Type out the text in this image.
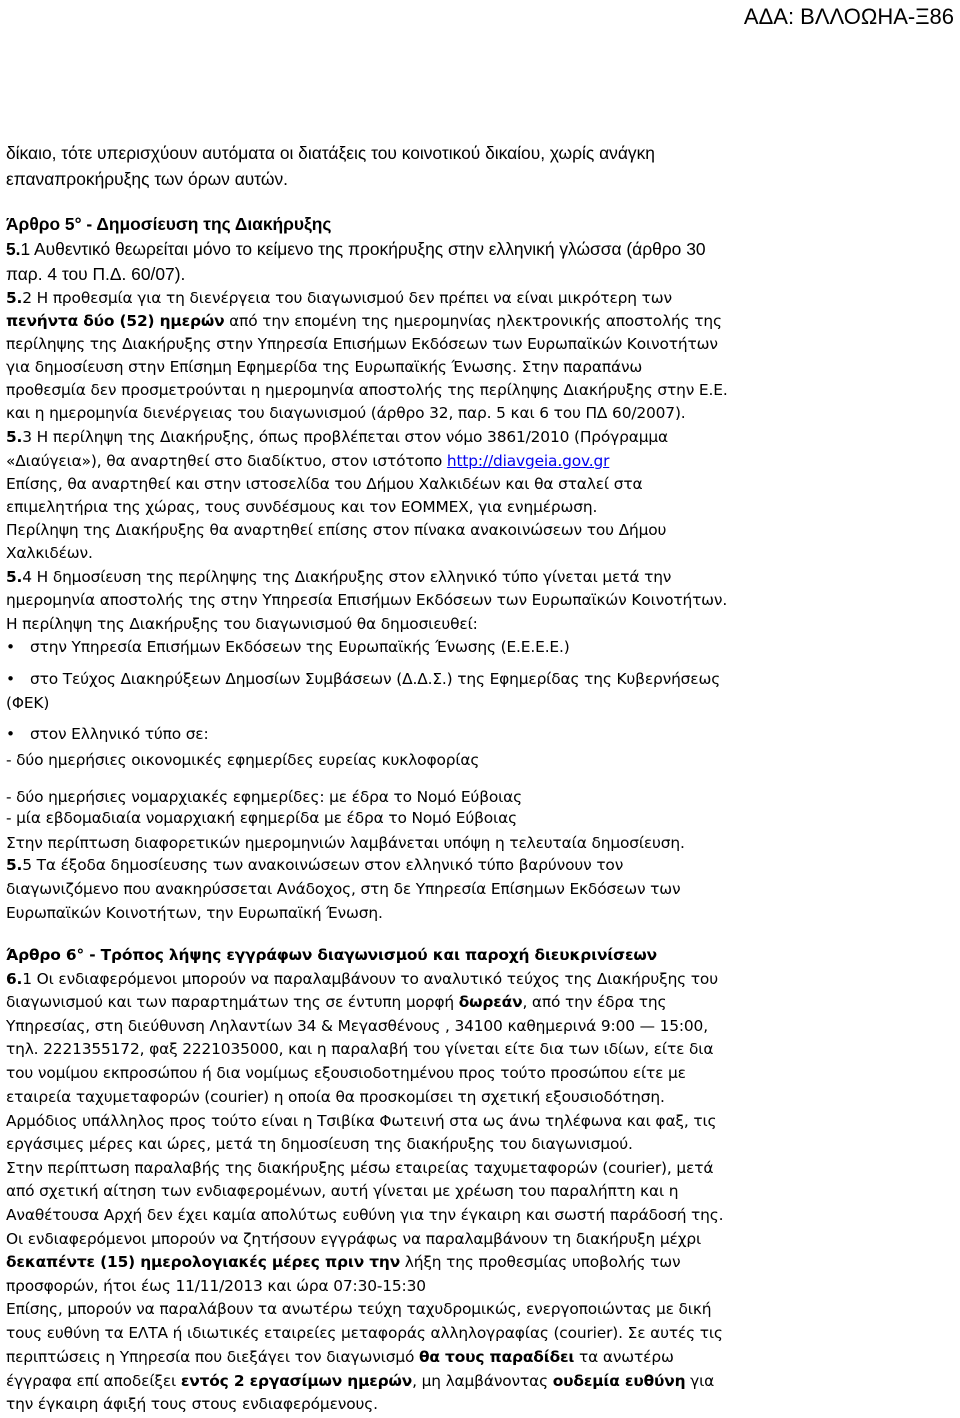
ΑΔΑ: ΒΛΛΟΩΗΑ-Ξ86
δίκαιο, τότε υπερισχύουν αυτόματα οι διατάξεις του κοινοτικού δικαίου, χωρίς ανάγκη
επαναπροκήρυξης των όρων αυτών.
Άρθρο 5° - Δημοσίευση της Διακήρυξης
5.1 Αυθεντικό θεωρείται μόνο το κείμενο της προκήρυξης στην ελληνική γλώσσα (άρθρο 30
παρ. 4 του Π.Δ. 60/07).
5.2 Η προθεσμία για τη διενέργεια του διαγωνισμού δεν πρέπει να είναι μικρότερη των
πενήντα δύο (52) ημερών από την επομένη της ημερομηνίας ηλεκτρονικής αποστολής της
περίληψης της Διακήρυξης στην Υπηρεσία Επισήμων Εκδόσεων των Ευρωπαϊκών Κοινοτήτων
για δημοσίευση στην Επίσημη Εφημερίδα της Ευρωπαϊκής Ένωσης. Στην παραπάνω
προθεσμία δεν προσμετρούνται η ημερομηνία αποστολής της περίληψης Διακήρυξης στην Ε.Ε.
και η ημερομηνία διενέργειας του διαγωνισμού (άρθρο 32, παρ. 5 και 6 του ΠΔ 60/2007).
5.3 Η περίληψη της Διακήρυξης, όπως προβλέπεται στον νόμο 3861/2010 (Πρόγραμμα
«Διαύγεια»), θα αναρτηθεί στο διαδίκτυο, στον ιστότοπο http://diavgeia.gov.gr
Επίσης, θα αναρτηθεί και στην ιστοσελίδα του Δήμου Χαλκιδέων και θα σταλεί στα
επιμελητήρια της χώρας, τους συνδέσμους και τον ΕΟΜΜΕΧ, για ενημέρωση.
Περίληψη της Διακήρυξης θα αναρτηθεί επίσης στον πίνακα ανακοινώσεων του Δήμου
Χαλκιδέων.
5.4 Η δημοσίευση της περίληψης της Διακήρυξης στον ελληνικό τύπο γίνεται μετά την
ημερομηνία αποστολής της στην Υπηρεσία Επισήμων Εκδόσεων των Ευρωπαϊκών Κοινοτήτων.
Η περίληψη της Διακήρυξης του διαγωνισμού θα δημοσιευθεί:
• στην Υπηρεσία Επισήμων Εκδόσεων της Ευρωπαϊκής Ένωσης (Ε.Ε.Ε.Ε.)
• στο Τεύχος Διακηρύξεων Δημοσίων Συμβάσεων (Δ.Δ.Σ.) της Εφημερίδας της Κυβερνήσεως
(ΦΕΚ)
• στον Ελληνικό τύπο σε:
- δύο ημερήσιες οικονομικές εφημερίδες ευρείας κυκλοφορίας
- δύο ημερήσιες νομαρχιακές εφημερίδες: με έδρα το Νομό Εύβοιας
- μία εβδομαδιαία νομαρχιακή εφημερίδα με έδρα το Νομό Εύβοιας
Στην περίπτωση διαφορετικών ημερομηνιών λαμβάνεται υπόψη η τελευταία δημοσίευση.
5.5 Τα έξοδα δημοσίευσης των ανακοινώσεων στον ελληνικό τύπο βαρύνουν τον
διαγωνιζόμενο που ανακηρύσσεται Ανάδοχος, στη δε Υπηρεσία Επίσημων Εκδόσεων των
Ευρωπαϊκών Κοινοτήτων, την Ευρωπαϊκή Ένωση.
Άρθρο 6° - Τρόπος λήψης εγγράφων διαγωνισμού και παροχή διευκρινίσεων
6.1 Οι ενδιαφερόμενοι μπορούν να παραλαμβάνουν το αναλυτικό τεύχος της Διακήρυξης του
διαγωνισμού και των παραρτημάτων της σε έντυπη μορφή δωρεάν, από την έδρα της
Υπηρεσίας, στη διεύθυνση Ληλαντίων 34 & Μεγασθένους , 34100 καθημερινά 9:00 — 15:00,
τηλ. 2221355172, φαξ 2221035000, και η παραλαβή του γίνεται είτε δια των ιδίων, είτε δια
του νομίμου εκπροσώπου ή δια νομίμως εξουσιοδοτημένου προς τούτο προσώπου είτε με
εταιρεία ταχυμεταφορών (courier) η οποία θα προσκομίσει τη σχετική εξουσιοδότηση.
Αρμόδιος υπάλληλος προς τούτο είναι η Τσιβίκα Φωτεινή στα ως άνω τηλέφωνα και φαξ, τις
εργάσιμες μέρες και ώρες, μετά τη δημοσίευση της διακήρυξης του διαγωνισμού.
Στην περίπτωση παραλαβής της διακήρυξης μέσω εταιρείας ταχυμεταφορών (courier), μετά
από σχετική αίτηση των ενδιαφερομένων, αυτή γίνεται με χρέωση του παραλήπτη και η
Αναθέτουσα Αρχή δεν έχει καμία απολύτως ευθύνη για την έγκαιρη και σωστή παράδοσή της.
Οι ενδιαφερόμενοι μπορούν να ζητήσουν εγγράφως να παραλαμβάνουν τη διακήρυξη μέχρι
δεκαπέντε (15) ημερολογιακές μέρες πριν την λήξη της προθεσμίας υποβολής των
προσφορών, ήτοι έως 11/11/2013 και ώρα 07:30-15:30
Επίσης, μπορούν να παραλάβουν τα ανωτέρω τεύχη ταχυδρομικώς, ενεργοποιώντας με δική
τους ευθύνη τα ΕΛΤΑ ή ιδιωτικές εταιρείες μεταφοράς αλληλογραφίας (courier). Σε αυτές τις
περιπτώσεις η Υπηρεσία που διεξάγει τον διαγωνισμό θα τους παραδίδει τα ανωτέρω
έγγραφα επί αποδείξει εντός 2 εργασίμων ημερών, μη λαμβάνοντας ουδεμία ευθύνη για
την έγκαιρη άφιξή τους στους ενδιαφερόμενους.
